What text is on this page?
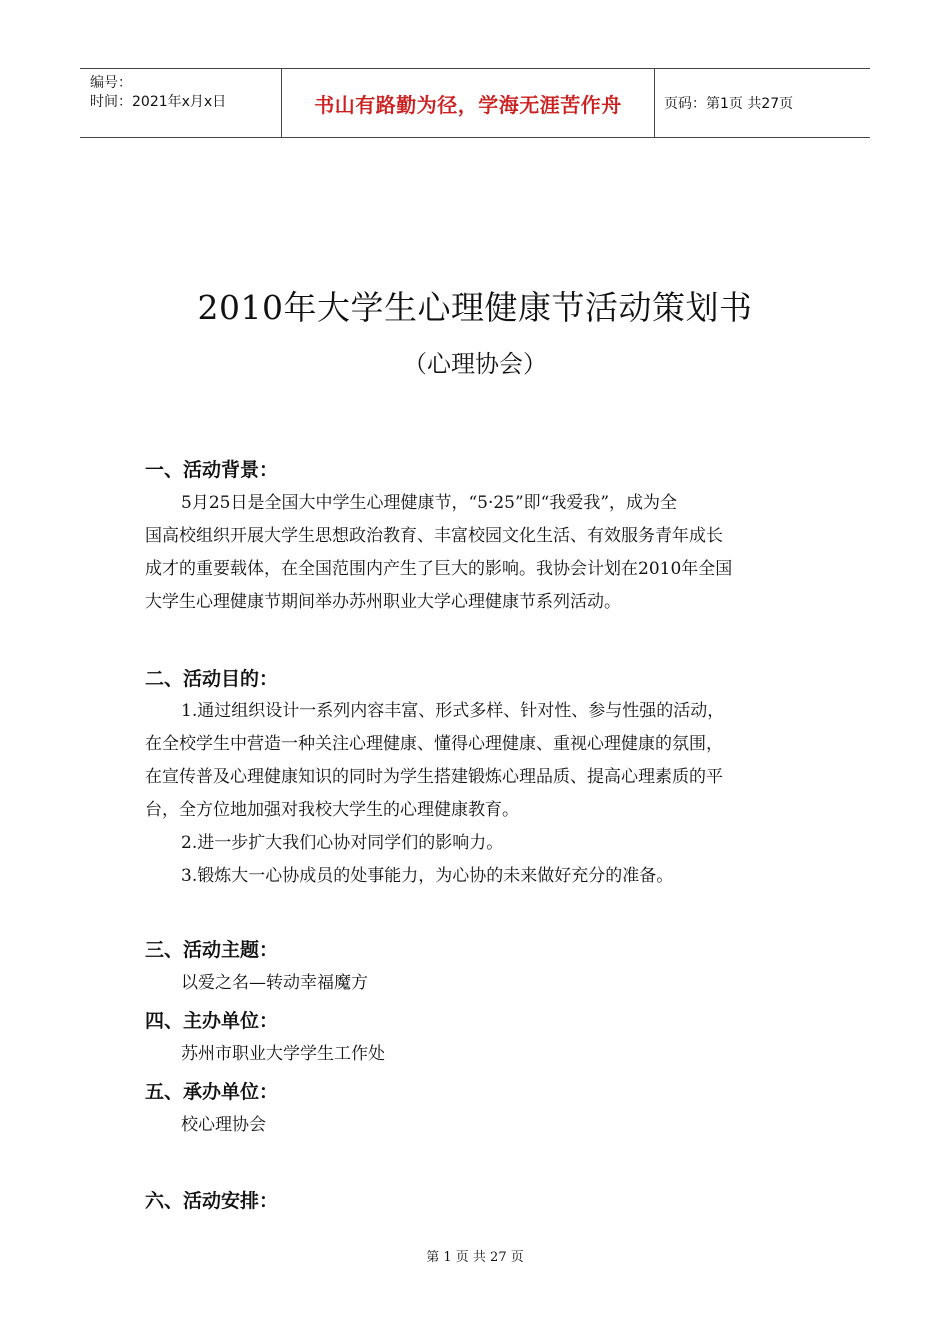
编号：
时间：2021年x月x日	书山有路勤为径，学海无涯苦作舟	页码：第1页 共27页
2010年大学生心理健康节活动策划书
（心理协会）
一、活动背景：
5月25日是全国大中学生心理健康节，“5·25”即“我爱我”，成为全
国高校组织开展大学生思想政治教育、丰富校园文化生活、有效服务青年成长
成才的重要载体，在全国范围内产生了巨大的影响。我协会计划在2010年全国
大学生心理健康节期间举办苏州职业大学心理健康节系列活动。
二、活动目的：
1.通过组织设计一系列内容丰富、形式多样、针对性、参与性强的活动，
在全校学生中营造一种关注心理健康、懂得心理健康、重视心理健康的氛围，
在宣传普及心理健康知识的同时为学生搭建锻炼心理品质、提高心理素质的平
台，全方位地加强对我校大学生的心理健康教育。
2.进一步扩大我们心协对同学们的影响力。
3.锻炼大一心协成员的处事能力，为心协的未来做好充分的准备。
三、活动主题：
以爱之名—转动幸福魔方
四、主办单位：
苏州市职业大学学生工作处
五、承办单位：
校心理协会
六、活动安排：
第 1 页 共 27 页
